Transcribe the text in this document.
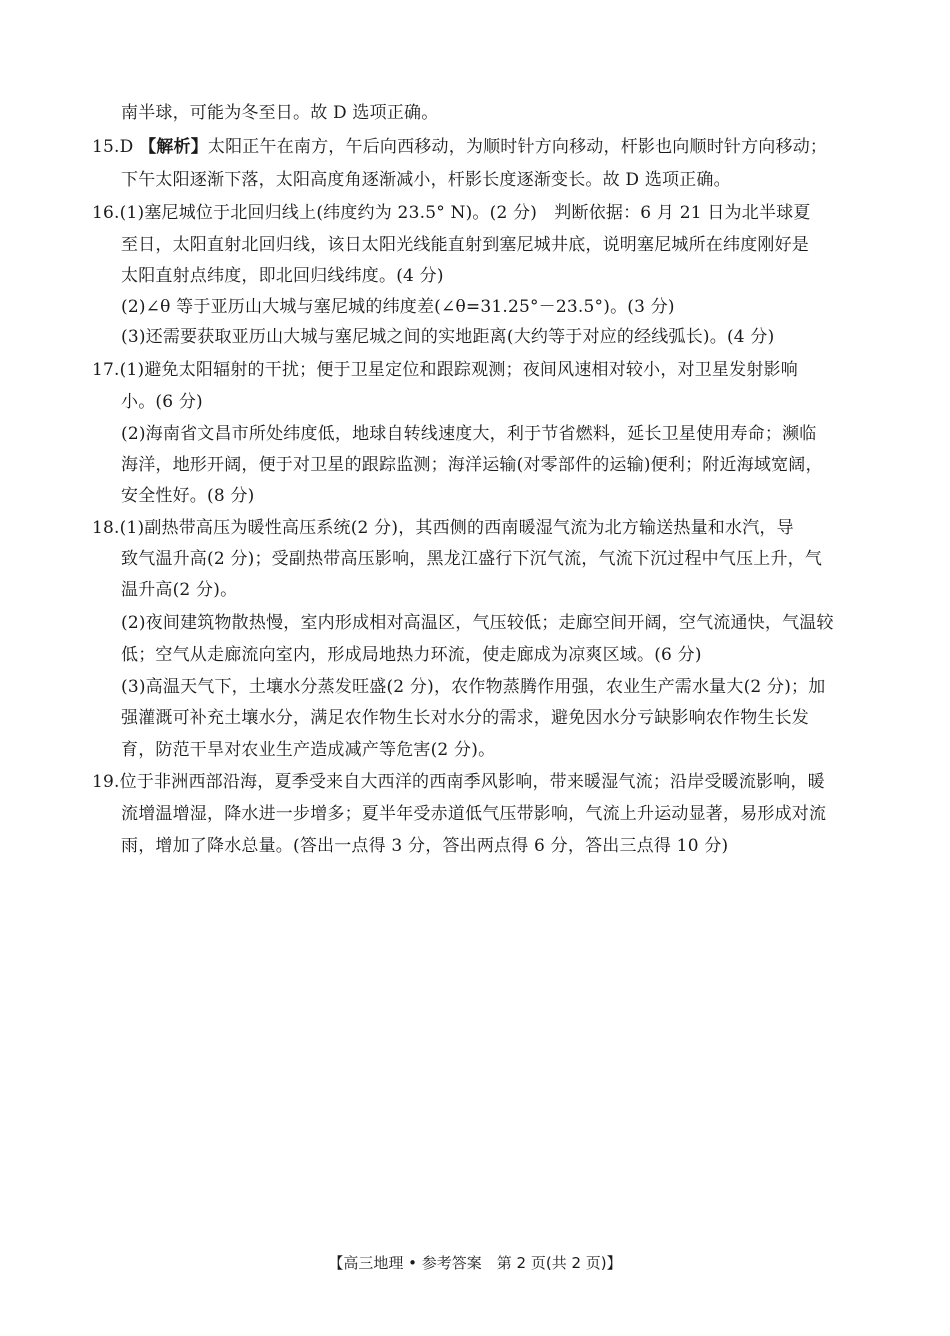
南半球，可能为冬至日。故 D 选项正确。
15.D 【解析】太阳正午在南方，午后向西移动，为顺时针方向移动，杆影也向顺时针方向移动；
下午太阳逐渐下落，太阳高度角逐渐减小，杆影长度逐渐变长。故 D 选项正确。
16.(1)塞尼城位于北回归线上(纬度约为 23.5° N)。(2 分)　判断依据：6 月 21 日为北半球夏
至日，太阳直射北回归线，该日太阳光线能直射到塞尼城井底，说明塞尼城所在纬度刚好是
太阳直射点纬度，即北回归线纬度。(4 分)
(2)∠θ 等于亚历山大城与塞尼城的纬度差(∠θ=31.25°－23.5°)。(3 分)
(3)还需要获取亚历山大城与塞尼城之间的实地距离(大约等于对应的经线弧长)。(4 分)
17.(1)避免太阳辐射的干扰；便于卫星定位和跟踪观测；夜间风速相对较小，对卫星发射影响
小。(6 分)
(2)海南省文昌市所处纬度低，地球自转线速度大，利于节省燃料，延长卫星使用寿命；濒临
海洋，地形开阔，便于对卫星的跟踪监测；海洋运输(对零部件的运输)便利；附近海域宽阔，
安全性好。(8 分)
18.(1)副热带高压为暖性高压系统(2 分)，其西侧的西南暖湿气流为北方输送热量和水汽，导
致气温升高(2 分)；受副热带高压影响，黑龙江盛行下沉气流，气流下沉过程中气压上升，气
温升高(2 分)。
(2)夜间建筑物散热慢，室内形成相对高温区，气压较低；走廊空间开阔，空气流通快，气温较
低；空气从走廊流向室内，形成局地热力环流，使走廊成为凉爽区域。(6 分)
(3)高温天气下，土壤水分蒸发旺盛(2 分)，农作物蒸腾作用强，农业生产需水量大(2 分)；加
强灌溉可补充土壤水分，满足农作物生长对水分的需求，避免因水分亏缺影响农作物生长发
育，防范干旱对农业生产造成减产等危害(2 分)。
19.位于非洲西部沿海，夏季受来自大西洋的西南季风影响，带来暖湿气流；沿岸受暖流影响，暖
流增温增湿，降水进一步增多；夏半年受赤道低气压带影响，气流上升运动显著，易形成对流
雨，增加了降水总量。(答出一点得 3 分，答出两点得 6 分，答出三点得 10 分)
【高三地理 • 参考答案　第 2 页(共 2 页)】
